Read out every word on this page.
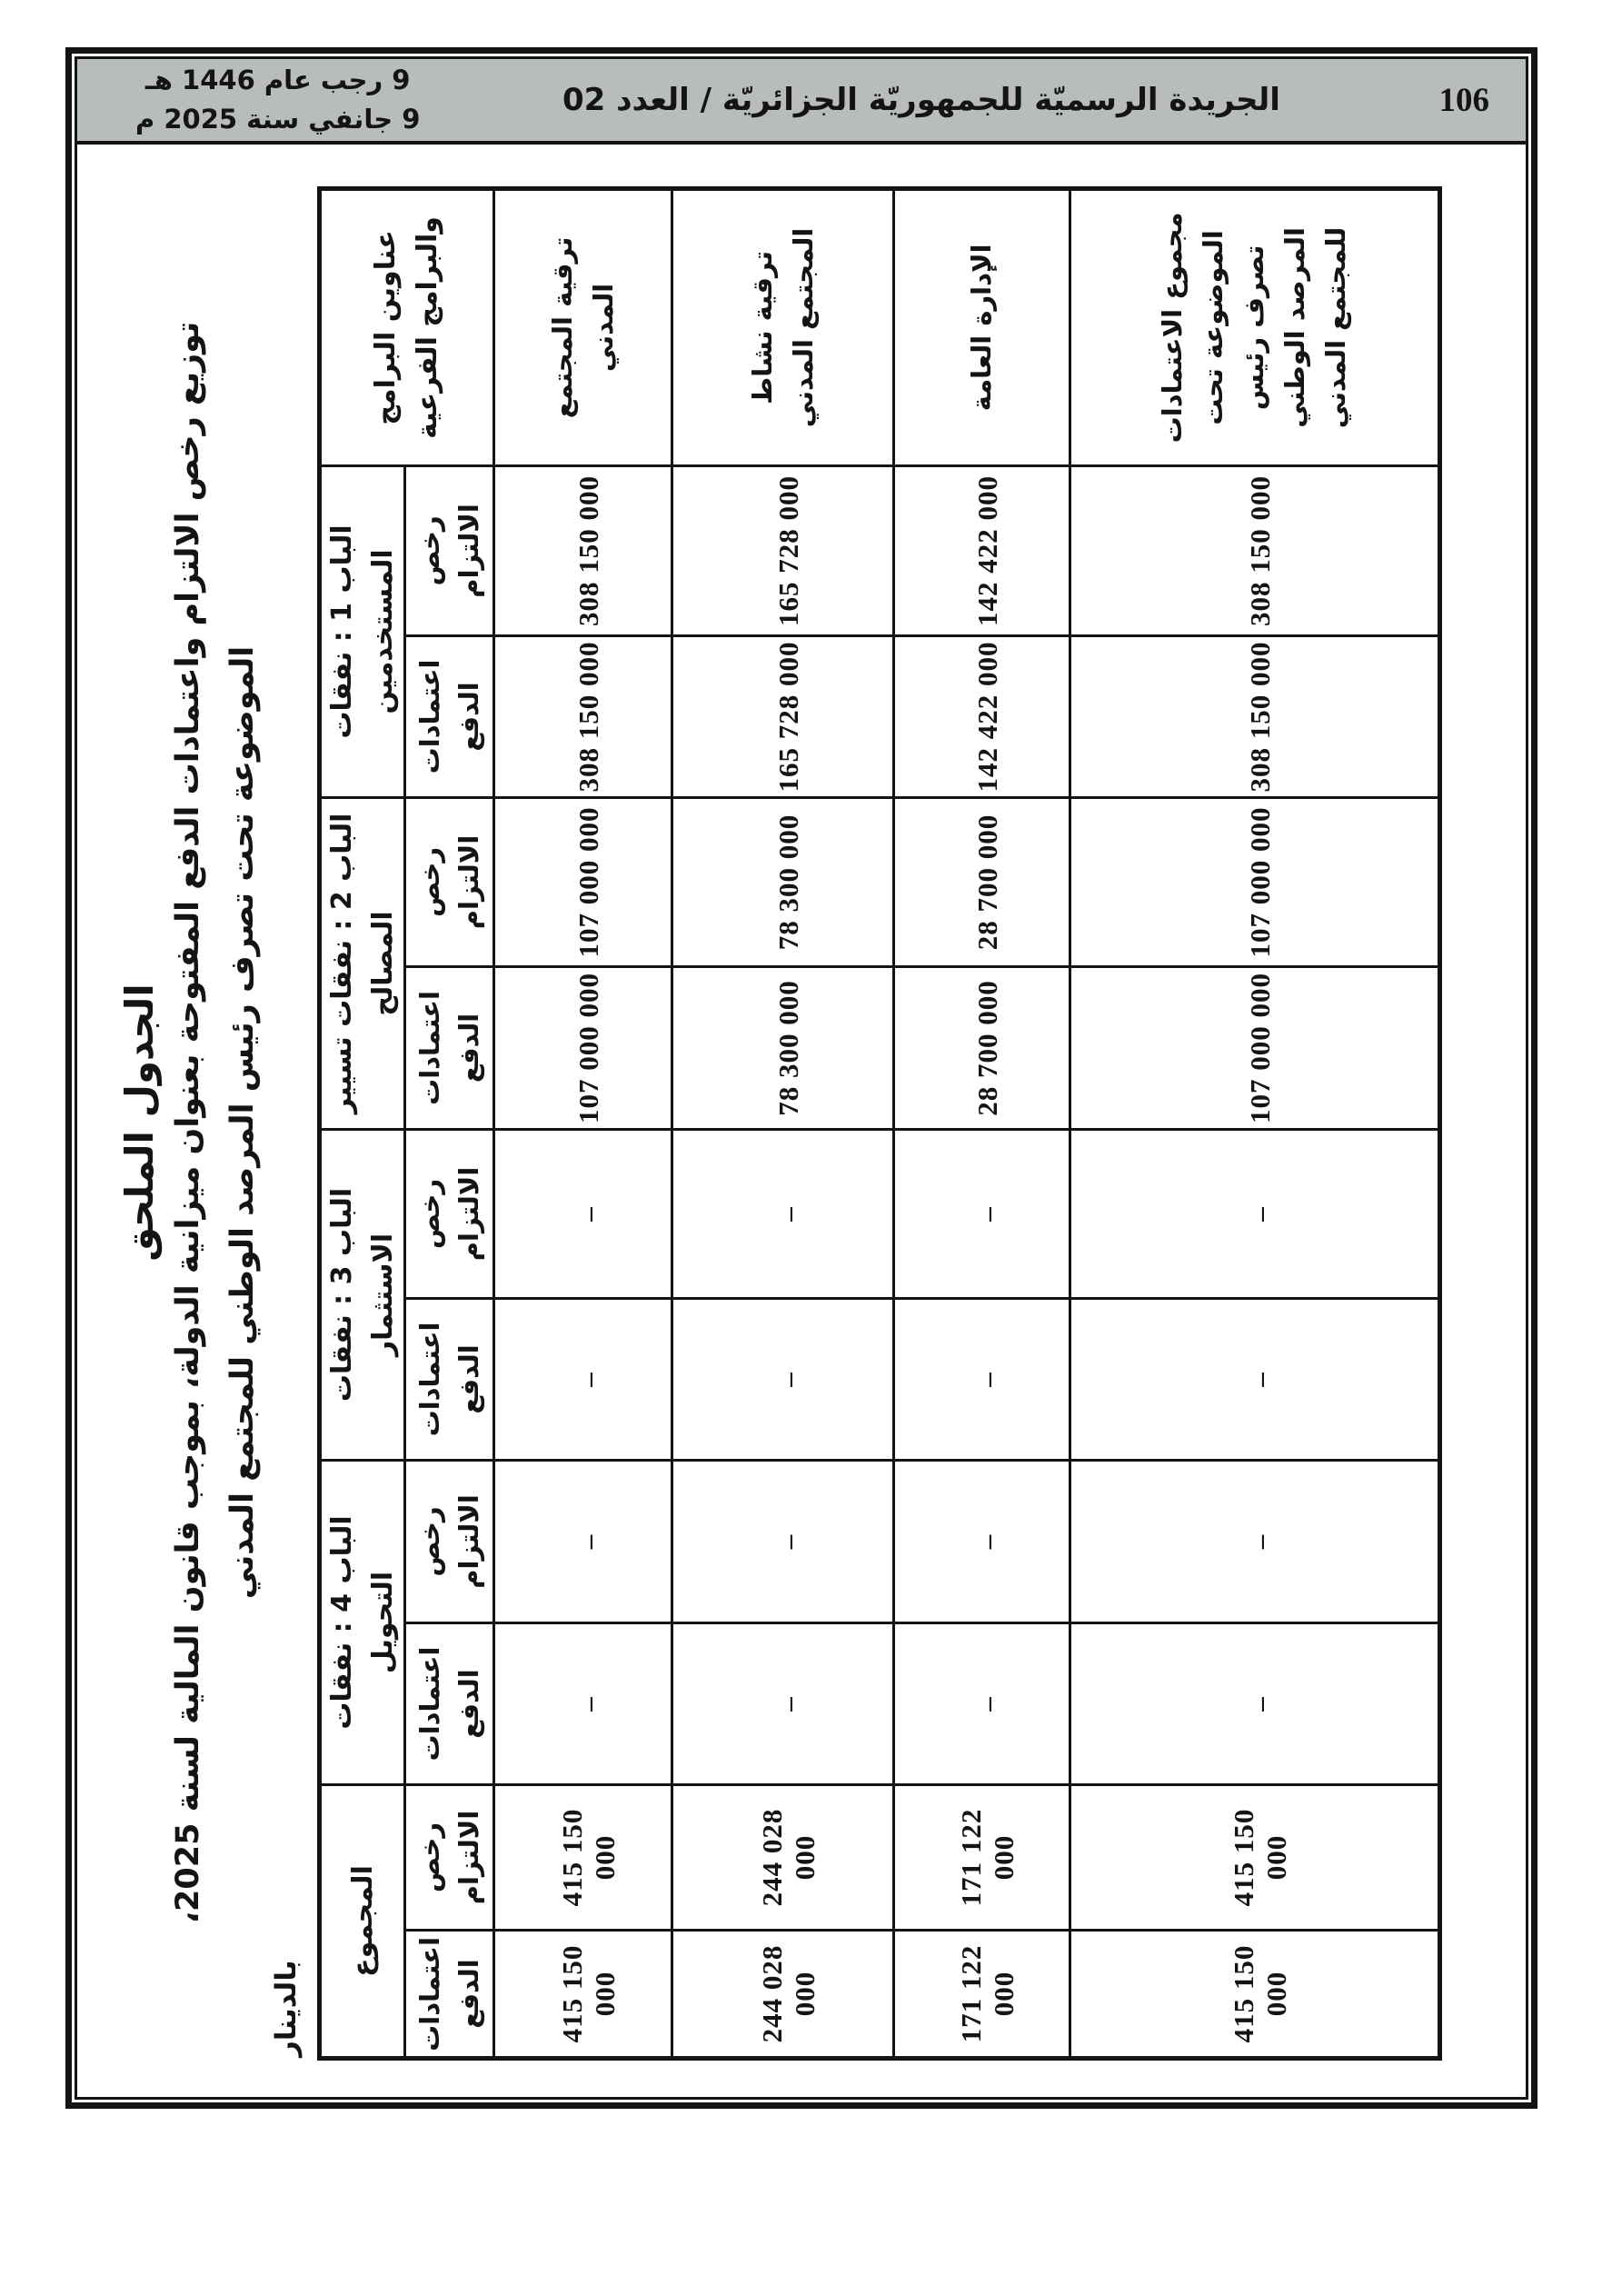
9 رجب عام 1446 هـ
9 جانفي سنة 2025 م
الجريدة الرسميّة للجمهوريّة الجزائريّة / العدد 02	106
الجدول الملحق
توزيع رخص الالتزام واعتمادات الدفع المفتوحة بعنوان ميزانية الدولة، بموجب قانون المالية لسنة 2025، الموضوعة تحت تصرف رئيس المرصد الوطني للمجتمع المدني
بالدينار
عناوين البرامج والبرامج الفرعية	الباب 1 : نفقات المستخدمين		الباب 2 : نفقات تسيير المصالح		الباب 3 : نفقات الاستثمار		الباب 4 : نفقات التحويل		المجموع	
	رخص الالتزام	اعتمادات الدفع	رخص الالتزام	اعتمادات الدفع	رخص الالتزام	اعتمادات الدفع	رخص الالتزام	اعتمادات الدفع	رخص الالتزام	اعتمادات الدفع
ترقية المجتمع المدني	308 150 000	308 150 000	107 000 000	107 000 000	–	–	–	–	415 150 000	415 150 000
ترقية نشاط المجتمع المدني	165 728 000	165 728 000	78 300 000	78 300 000	–	–	–	–	244 028 000	244 028 000
الإدارة العامة	142 422 000	142 422 000	28 700 000	28 700 000	–	–	–	–	171 122 000	171 122 000
مجموع الاعتمادات الموضوعة تحت تصرف رئيس المرصد الوطني للمجتمع المدني	308 150 000	308 150 000	107 000 000	107 000 000	–	–	–	–	415 150 000	415 150 000
